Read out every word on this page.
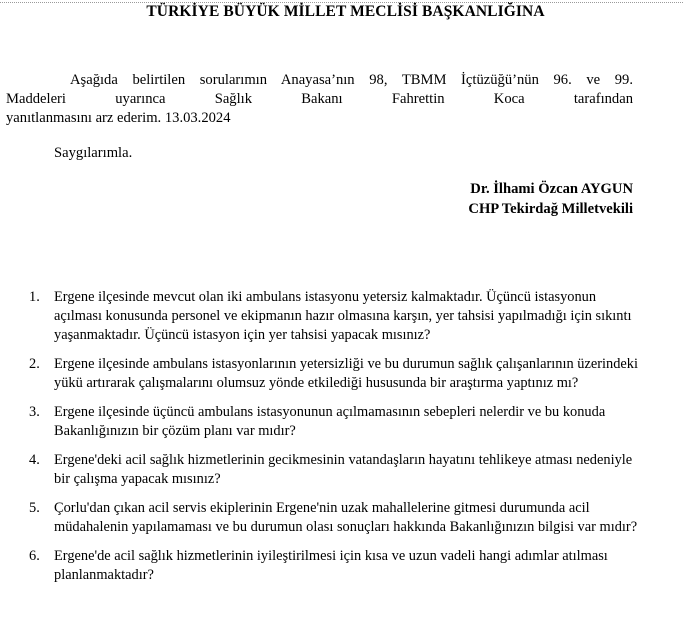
TÜRKİYE BÜYÜK MİLLET MECLİSİ BAŞKANLIĞINA
Aşağıda belirtilen sorularımın Anayasa’nın 98, TBMM İçtüzüğü’nün 96. ve 99.
Maddeleri uyarınca Sağlık Bakanı Fahrettin Koca tarafından
yanıtlanmasını arz ederim. 13.03.2024
Saygılarımla.
Dr. İlhami Özcan AYGUN
CHP Tekirdağ Milletvekili
1. Ergene ilçesinde mevcut olan iki ambulans istasyonu yetersiz kalmaktadır. Üçüncü istasyonun açılması konusunda personel ve ekipmanın hazır olmasına karşın, yer tahsisi yapılmadığı için sıkıntı yaşanmaktadır. Üçüncü istasyon için yer tahsisi yapacak mısınız?
2. Ergene ilçesinde ambulans istasyonlarının yetersizliği ve bu durumun sağlık çalışanlarının üzerindeki yükü artırarak çalışmalarını olumsuz yönde etkilediği hususunda bir araştırma yaptınız mı?
3. Ergene ilçesinde üçüncü ambulans istasyonunun açılmamasının sebepleri nelerdir ve bu konuda Bakanlığınızın bir çözüm planı var mıdır?
4. Ergene'deki acil sağlık hizmetlerinin gecikmesinin vatandaşların hayatını tehlikeye atması nedeniyle bir çalışma yapacak mısınız?
5. Çorlu'dan çıkan acil servis ekiplerinin Ergene'nin uzak mahallelerine gitmesi durumunda acil müdahalenin yapılamaması ve bu durumun olası sonuçları hakkında Bakanlığınızın bilgisi var mıdır?
6. Ergene'de acil sağlık hizmetlerinin iyileştirilmesi için kısa ve uzun vadeli hangi adımlar atılması planlanmaktadır?
